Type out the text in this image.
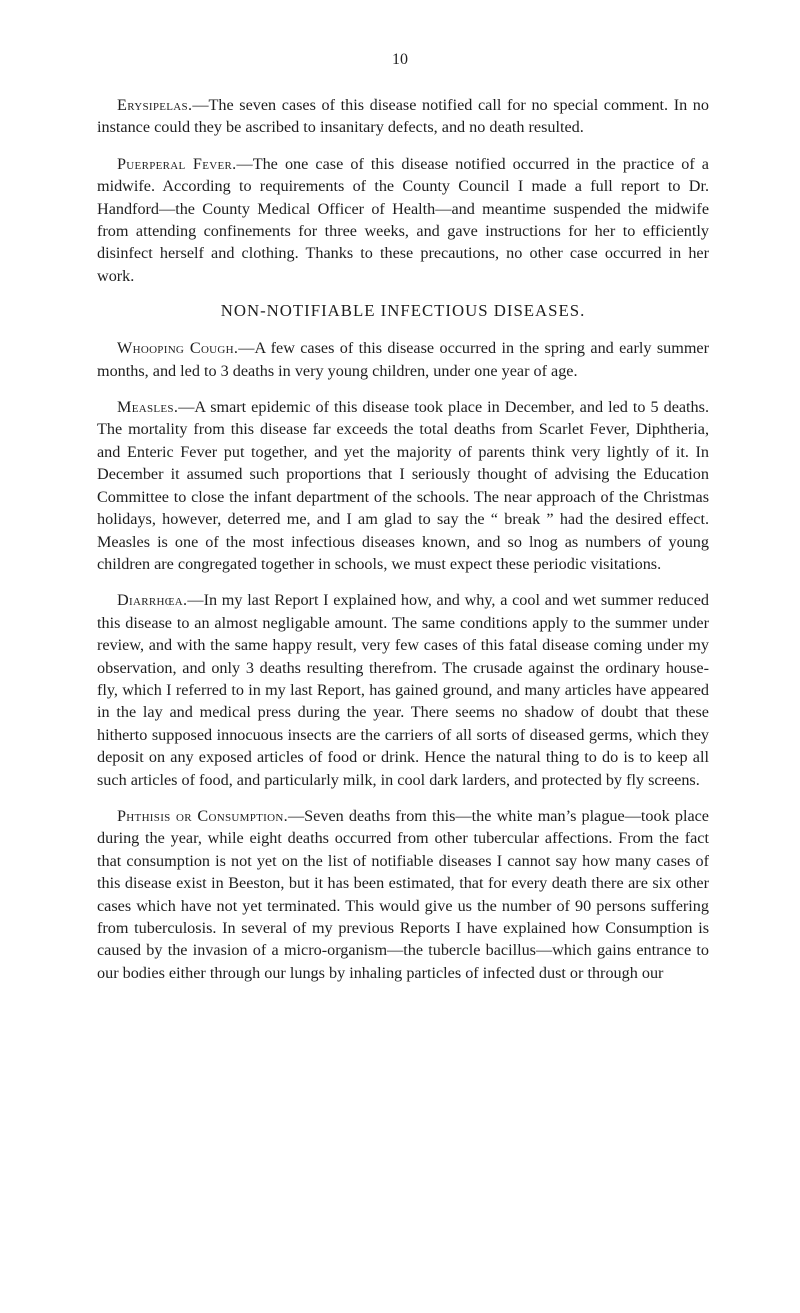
10

Erysipelas.—The seven cases of this disease notified call for no special comment. In no instance could they be ascribed to insanitary defects, and no death resulted.

Puerperal Fever.—The one case of this disease notified occurred in the practice of a midwife. According to requirements of the County Council I made a full report to Dr. Handford—the County Medical Officer of Health—and meantime suspended the midwife from attending confinements for three weeks, and gave instructions for her to efficiently disinfect herself and clothing. Thanks to these precautions, no other case occurred in her work.

NON-NOTIFIABLE INFECTIOUS DISEASES.

Whooping Cough.—A few cases of this disease occurred in the spring and early summer months, and led to 3 deaths in very young children, under one year of age.

Measles.—A smart epidemic of this disease took place in December, and led to 5 deaths. The mortality from this disease far exceeds the total deaths from Scarlet Fever, Diphtheria, and Enteric Fever put together, and yet the majority of parents think very lightly of it. In December it assumed such proportions that I seriously thought of advising the Education Committee to close the infant department of the schools. The near approach of the Christmas holidays, however, deterred me, and I am glad to say the “ break ” had the desired effect. Measles is one of the most infectious diseases known, and so lnog as numbers of young children are congregated together in schools, we must expect these periodic visitations.

Diarrhœa.—In my last Report I explained how, and why, a cool and wet summer reduced this disease to an almost negligable amount. The same conditions apply to the summer under review, and with the same happy result, very few cases of this fatal disease coming under my observation, and only 3 deaths resulting therefrom. The crusade against the ordinary house-fly, which I referred to in my last Report, has gained ground, and many articles have appeared in the lay and medical press during the year. There seems no shadow of doubt that these hitherto supposed innocuous insects are the carriers of all sorts of diseased germs, which they deposit on any exposed articles of food or drink. Hence the natural thing to do is to keep all such articles of food, and particularly milk, in cool dark larders, and protected by fly screens.

Phthisis or Consumption.—Seven deaths from this—the white man’s plague—took place during the year, while eight deaths occurred from other tubercular affections. From the fact that consumption is not yet on the list of notifiable diseases I cannot say how many cases of this disease exist in Beeston, but it has been estimated, that for every death there are six other cases which have not yet terminated. This would give us the number of 90 persons suffering from tuberculosis. In several of my previous Reports I have explained how Consumption is caused by the invasion of a micro-organism—the tubercle bacillus—which gains entrance to our bodies either through our lungs by inhaling particles of infected dust or through our
